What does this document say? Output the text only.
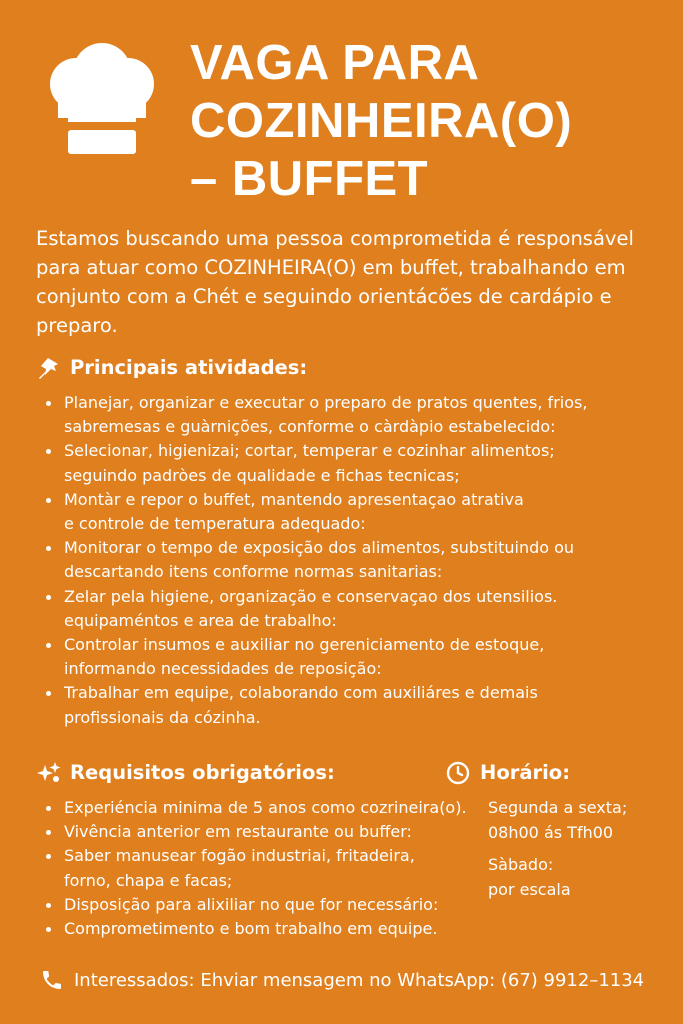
VAGA PARA
COZINHEIRA(O)
– BUFFET

Estamos buscando uma pessoa comprometida é responsável
para atuar como COZINHEIRA(O) em buffet, trabalhando em
conjunto com a Chét e seguindo orientácões de cardápio e
preparo.

Principais atividades:
Planejar, organizar e executar o preparo de pratos quentes, frios,
sabremesas e guàrnições, conforme o càrdàpio estabelecido:
Selecionar, higienizai; cortar, temperar e cozinhar alimentos;
seguindo padròes de qualidade e fichas tecnicas;
Montàr e repor o buffet, mantendo apresentaçao atrativa
e controle de temperatura adequado:
Monitorar o tempo de exposição dos alimentos, substituindo ou
descartando itens conforme normas sanitarias:
Zelar pela higiene, organização e conservaçao dos utensilios.
equipaméntos e area de trabalho:
Controlar insumos e auxiliar no gereniciamento de estoque,
informando necessidades de reposição:
Trabalhar em equipe, colaborando com auxiliáres e demais
profissionais da cózinha.
Requisitos obrigatórios:
Experiéncia minima de 5 anos como cozrineira(o).
Vivência anterior em restaurante ou buffer:
Saber manusear fogão industriai, fritadeira,
forno, chapa e facas;
Disposição para alixiliar no que for necessário:
Comprometimento e bom trabalho em equipe.
Horário:
Segunda a sexta;
08h00 ás Tfh00
Sàbado:
por escala
Interessados: Ehviar mensagem no WhatsApp: (67) 9912–1134
